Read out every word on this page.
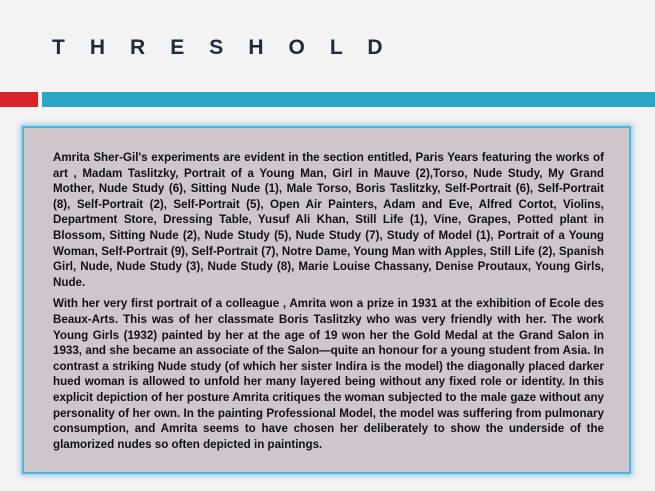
T H R E S H O L D

Amrita Sher-Gil's experiments are evident in the section entitled, Paris Years featuring the works of art , Madam Taslitzky, Portrait of a Young Man, Girl in Mauve (2),Torso, Nude Study, My Grand Mother, Nude Study (6), Sitting Nude (1), Male Torso, Boris Taslitzky, Self-Portrait (6), Self-Portrait (8), Self-Portrait (2), Self-Portrait (5), Open Air Painters, Adam and Eve, Alfred Cortot, Violins, Department Store, Dressing Table, Yusuf Ali Khan, Still Life (1), Vine, Grapes, Potted plant in Blossom, Sitting Nude (2), Nude Study (5), Nude Study (7), Study of Model (1), Portrait of a Young Woman, Self-Portrait (9), Self-Portrait (7), Notre Dame, Young Man with Apples, Still Life (2), Spanish Girl, Nude, Nude Study (3), Nude Study (8), Marie Louise Chassany, Denise Proutaux, Young Girls, Nude.

With her very first portrait of a colleague , Amrita won a prize in 1931 at the exhibition of Ecole des Beaux-Arts. This was of her classmate Boris Taslitzky who was very friendly with her. The work Young Girls (1932) painted by her at the age of 19 won her the Gold Medal at the Grand Salon in 1933, and she became an associate of the Salon—quite an honour for a young student from Asia. In contrast a striking Nude study (of which her sister Indira is the model) the diagonally placed darker hued woman is allowed to unfold her many layered being without any fixed role or identity. In this explicit depiction of her posture Amrita critiques the woman subjected to the male gaze without any personality of her own. In the painting Professional Model, the model was suffering from pulmonary consumption, and Amrita seems to have chosen her deliberately to show the underside of the glamorized nudes so often depicted in paintings.
